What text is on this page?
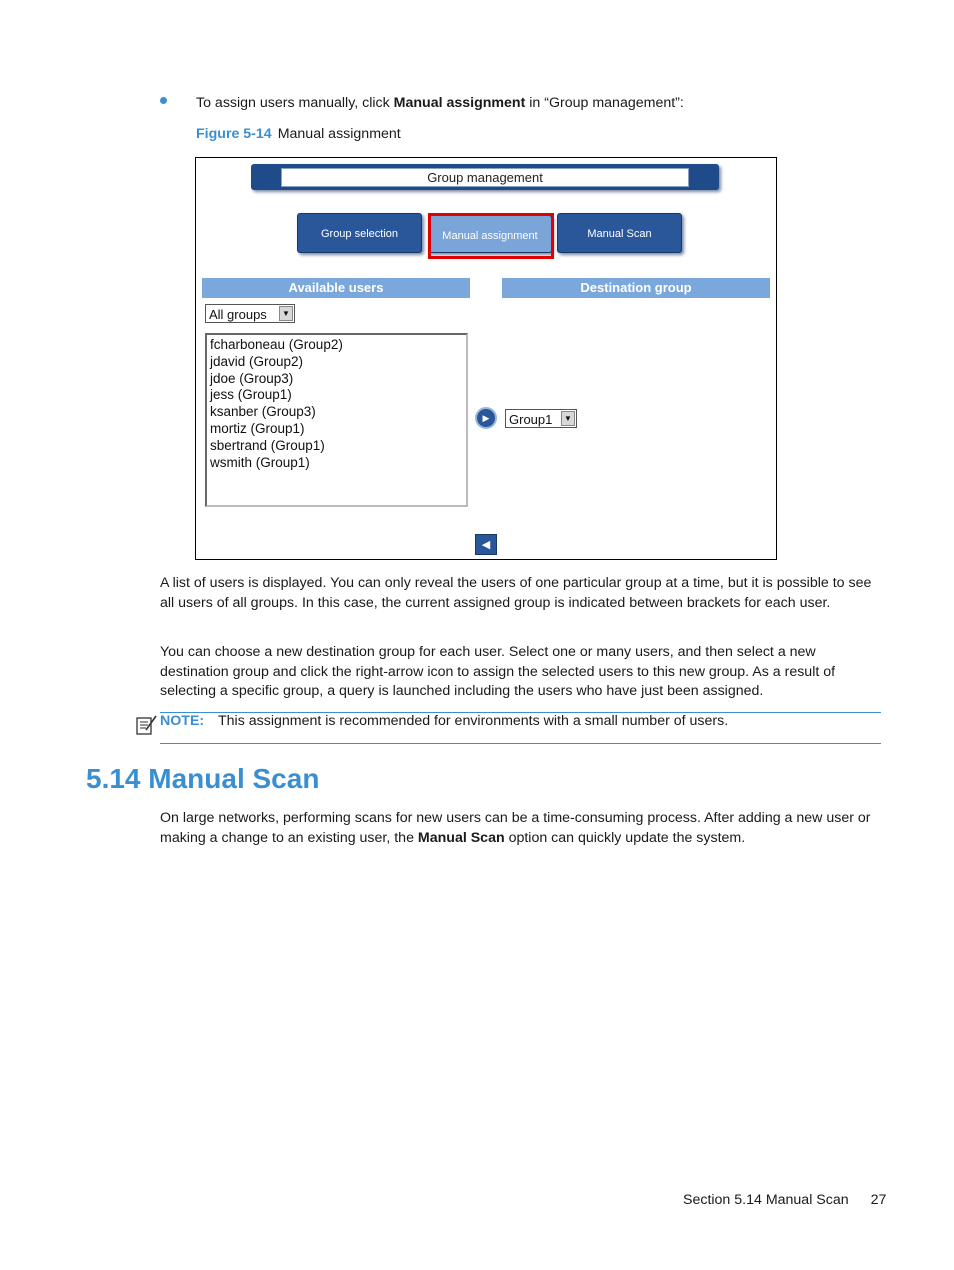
To assign users manually, click Manual assignment in “Group management”:
Figure 5-14 Manual assignment
Group management
Group selection	Manual assignment	Manual Scan
Available users	Destination group
All groups	▼
fcharboneau (Group2)
jdavid (Group2)
jdoe (Group3)
jess (Group1)
ksanber (Group3)
mortiz (Group1)
sbertrand (Group1)
wsmith (Group1)
▶	Group1	▼
◀
A list of users is displayed. You can only reveal the users of one particular group at a time, but it is possible to see all users of all groups. In this case, the current assigned group is indicated between brackets for each user.
You can choose a new destination group for each user. Select one or many users, and then select a new destination group and click the right-arrow icon to assign the selected users to this new group. As a result of selecting a specific group, a query is launched including the users who have just been assigned.
NOTE: This assignment is recommended for environments with a small number of users.
5.14 Manual Scan
On large networks, performing scans for new users can be a time-consuming process. After adding a new user or making a change to an existing user, the Manual Scan option can quickly update the system.
Section 5.14 Manual Scan 27
